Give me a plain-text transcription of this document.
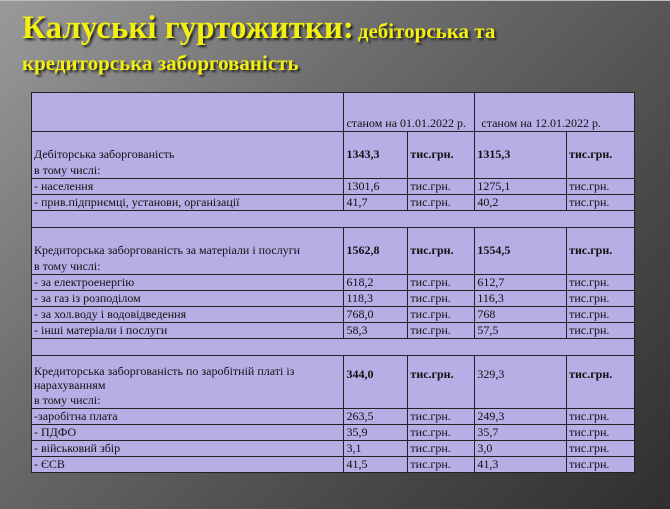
Калуські гуртожитки: дебіторська та
кредиторська заборгованість
	станом на 01.01.2022 р.		станом на 12.01.2022 р.	
Дебіторська заборгованість	1343,3	тис.грн.	1315,3	тис.грн.
в тому числі:				
- населення	1301,6	тис.грн.	1275,1	тис.грн.
- прив.підприємці, установи, організації	41,7	тис.грн.	40,2	тис.грн.

Кредиторська заборгованість за матеріали і послуги	1562,8	тис.грн.	1554,5	тис.грн.
в тому числі:				
- за електроенергію	618,2	тис.грн.	612,7	тис.грн.
- за газ із розподілом	118,3	тис.грн.	116,3	тис.грн.
- за хол.воду і водовідведення	768,0	тис.грн.	768	тис.грн.
- інші матеріали і послуги	58,3	тис.грн.	57,5	тис.грн.

Кредиторська заборгованість по заробітній платі із
нарахуванням	344,0	тис.грн.	329,3	тис.грн.
в тому числі:				
-заробітна плата	263,5	тис.грн.	249,3	тис.грн.
- ПДФО	35,9	тис.грн.	35,7	тис.грн.
- військовий збір	3,1	тис.грн.	3,0	тис.грн.
- ЄСВ	41,5	тис.грн.	41,3	тис.грн.
